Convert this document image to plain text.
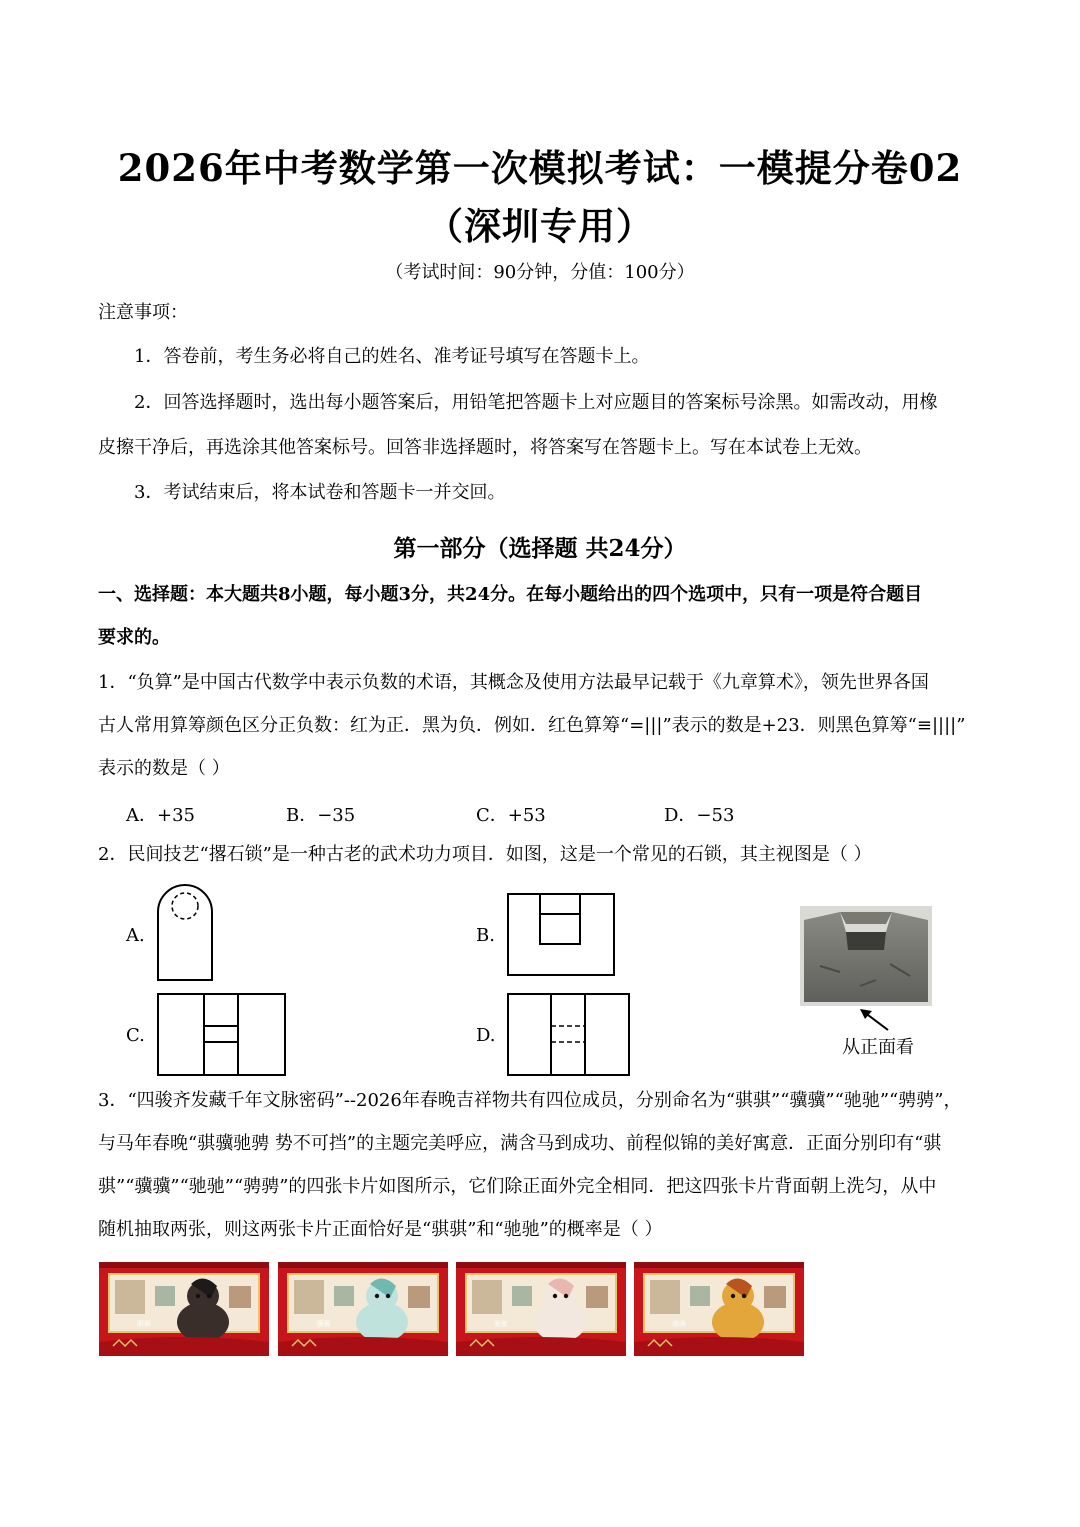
2026年中考数学第一次模拟考试：一模提分卷02
（深圳专用）
（考试时间：90分钟，分值：100分）
注意事项：
1．答卷前，考生务必将自己的姓名、准考证号填写在答题卡上。
2．回答选择题时，选出每小题答案后，用铅笔把答题卡上对应题目的答案标号涂黑。如需改动，用橡
皮擦干净后，再选涂其他答案标号。回答非选择题时，将答案写在答题卡上。写在本试卷上无效。
3．考试结束后，将本试卷和答题卡一并交回。
第一部分（选择题 共24分）
一、选择题：本大题共8小题，每小题3分，共24分。在每小题给出的四个选项中，只有一项是符合题目
要求的。
1．“负算”是中国古代数学中表示负数的术语，其概念及使用方法最早记载于《九章算术》，领先世界各国
古人常用算筹颜色区分正负数：红为正．黑为负．例如．红色算筹“=|||”表示的数是+23．则黑色算筹“≡||||”
表示的数是（ ）
A．+35	B．−35	C．+53	D．−53
2．民间技艺“撂石锁”是一种古老的武术功力项目．如图，这是一个常见的石锁，其主视图是（ ）
A.	B.
C.	D.
从正面看
3．“四骏齐发藏千年文脉密码”--2026年春晚吉祥物共有四位成员，分别命名为“骐骐”“骥骥”“驰驰”“骋骋”，
与马年春晚“骐骥驰骋 势不可挡”的主题完美呼应，满含马到成功、前程似锦的美好寓意．正面分别印有“骐
骐”“骥骥”“驰驰”“骋骋”的四张卡片如图所示，它们除正面外完全相同．把这四张卡片背面朝上洗匀，从中
随机抽取两张，则这两张卡片正面恰好是“骐骐”和“驰驰”的概率是（ ）
骐骐	骥骥	驰驰	骋骋
